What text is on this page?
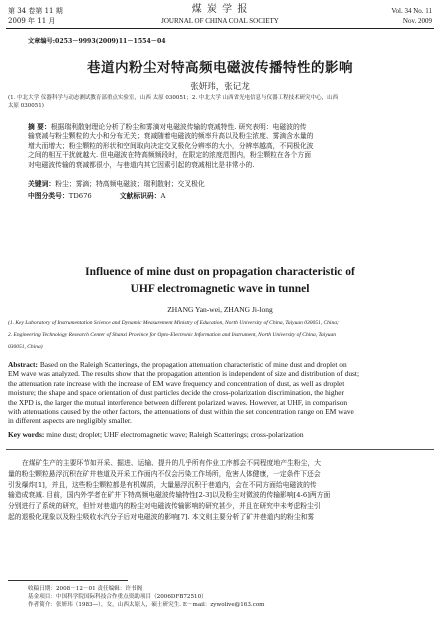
第 34 卷第 11 期
2009 年 11 月
煤 炭 学 报
JOURNAL OF CHINA COAL SOCIETY
Vol. 34 No. 11
Nov. 2009
文章编号:0253－9993(2009)11－1554－04
巷道内粉尘对特高频电磁波传播特性的影响
张妍玮，张记龙
(1. 中北大学 仪器科学与动态测试教育部重点实验室，山西 太原 030051；2. 中北大学 山西省光电信息与仪器工程技术研究中心，山西
太原 030051)
摘 要：根据瑞利散射理论分析了粉尘和雾滴对电磁波传输的衰减特性. 研究表明：电磁波的传
输衰减与粉尘颗粒的大小和分布无关；衰减随着电磁波的频率升高以及粉尘浓度、雾滴含水量的
增大而增大；粉尘颗粒的形状和空间取向决定交叉极化分辨率的大小，分辨率越高，不同极化波
之间的相互干扰就越大. 但电磁波在特高频频段时，在限定的浓度范围内，粉尘颗粒在各个方面
对电磁波传输的衰减都很小，与巷道内其它因素引起的衰减相比是非常小的.
关键词：粉尘；雾滴；特高频电磁波；瑞利散射；交叉极化
中图分类号：TD676	文献标识码：A
Influence of mine dust on propagation characteristic of
UHF electromagnetic wave in tunnel
ZHANG Yan-wei, ZHANG Ji-long
(1. Key Laboratory of Instrumentation Science and Dynamic Measurement Ministry of Education, North University of China, Taiyuan 030051, China;
2. Engineering Technology Research Center of Shanxi Province for Opto-Electronic Information and Instrument, North University of China, Taiyuan
030051, China)
Abstract: Based on the Raleigh Scatterings, the propagation attenuation characteristic of mine dust and droplet on
EM wave was analyzed. The results show that the propagation attention is independent of size and distribution of dust;
the attenuation rate increase with the increase of EM wave frequency and concentration of dust, as well as droplet
moisture; the shape and space orientation of dust particles decide the cross-polarization discrimination, the higher
the XPD is, the larger the mutual interference between different polarized waves. However, at UHF, in comparison
with attenuations caused by the other factors, the attenuations of dust within the set concentration range on EM wave
in different aspects are negligibly smaller.
Key words: mine dust; droplet; UHF electromagnetic wave; Raleigh Scatterings; cross-polarization
在煤矿生产的主要环节如开采、掘进、运输、提升的几乎所有作业工序都会不同程度地产生粉尘，大
量的粉尘颗粒悬浮沉积在矿井巷道及开采工作面内不仅会污染工作场所，危害人体健康，一定条件下还会
引发爆炸[1]，并且，这些粉尘颗粒都是有机媒质，大量悬浮沉积于巷道内，会在不同方面给电磁波的传
输造成衰减. 目前，国内外学者在矿井下特高频电磁波传输特性[2-3]以及粉尘对微波的传输影响[4-6]两方面
分别进行了系统的研究，但针对巷道内的粉尘对电磁波传输影响的研究甚少，并且在研究中未考虑粉尘引
起的退极化现象以及粉尘吸收水汽分子后对电磁波的影响[7]. 本文则主要分析了矿井巷道内的粉尘和雾
收稿日期：2008－12－01 责任编辑：许书阁
基金项目：中国科学院国际科技合作重点资助项目（2006DFB72510）
作者简介：张妍玮（1983—），女，山西太原人，硕士研究生. E－mail：zywolive@163.com
